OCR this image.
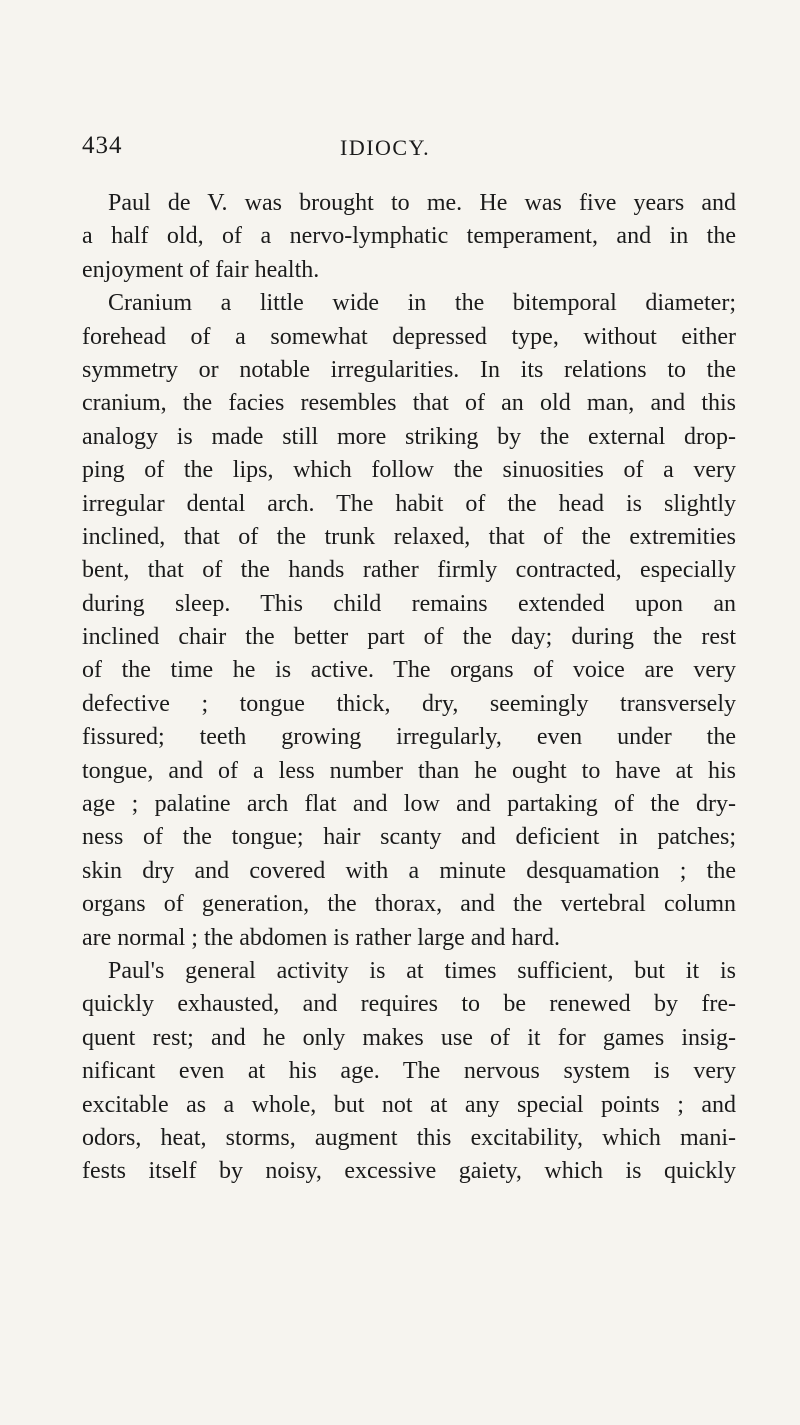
434	IDIOCY.
Paul de V. was brought to me. He was five years and
a half old, of a nervo-lymphatic temperament, and in the
enjoyment of fair health.
Cranium a little wide in the bitemporal diameter;
forehead of a somewhat depressed type, without either
symmetry or notable irregularities. In its relations to the
cranium, the facies resembles that of an old man, and this
analogy is made still more striking by the external drop-
ping of the lips, which follow the sinuosities of a very
irregular dental arch. The habit of the head is slightly
inclined, that of the trunk relaxed, that of the extremities
bent, that of the hands rather firmly contracted, especially
during sleep. This child remains extended upon an
inclined chair the better part of the day; during the rest
of the time he is active. The organs of voice are very
defective ; tongue thick, dry, seemingly transversely
fissured; teeth growing irregularly, even under the
tongue, and of a less number than he ought to have at his
age ; palatine arch flat and low and partaking of the dry-
ness of the tongue; hair scanty and deficient in patches;
skin dry and covered with a minute desquamation ; the
organs of generation, the thorax, and the vertebral column
are normal ; the abdomen is rather large and hard.
Paul's general activity is at times sufficient, but it is
quickly exhausted, and requires to be renewed by fre-
quent rest; and he only makes use of it for games insig-
nificant even at his age. The nervous system is very
excitable as a whole, but not at any special points ; and
odors, heat, storms, augment this excitability, which mani-
fests itself by noisy, excessive gaiety, which is quickly
